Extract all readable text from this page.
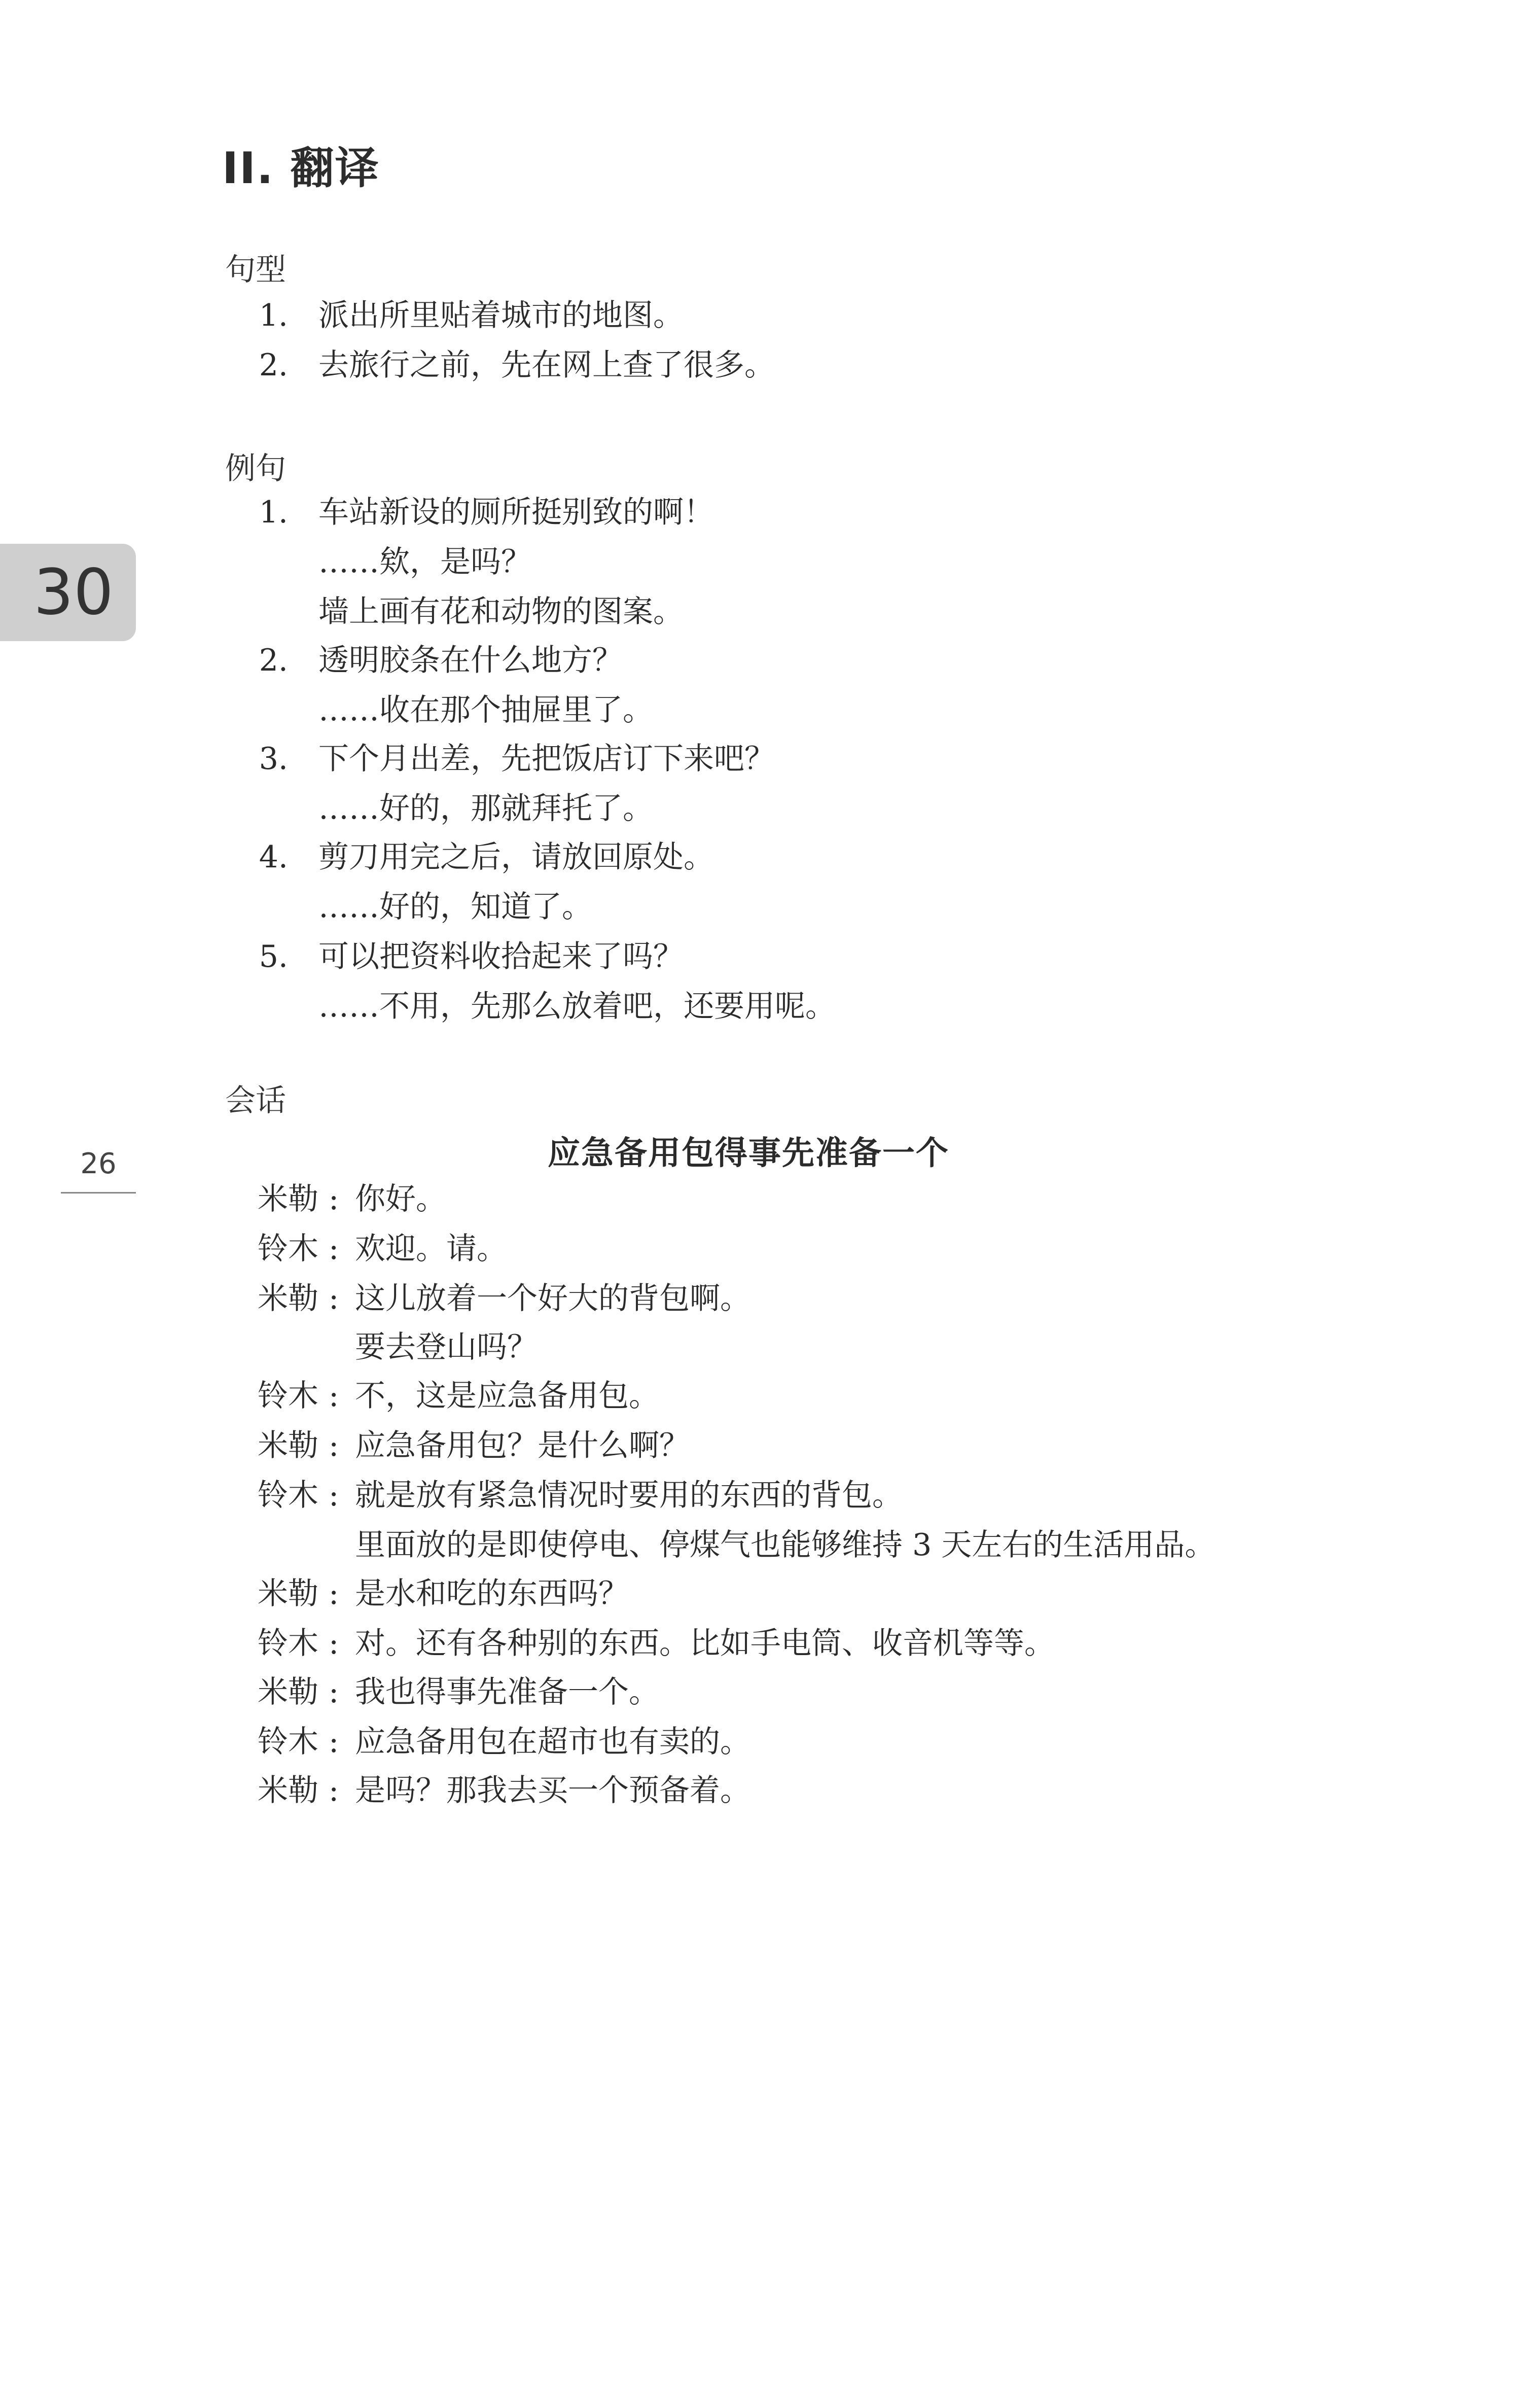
II. 翻译
30
26
句型
1. 派出所里贴着城市的地图。
2. 去旅行之前，先在网上查了很多。
例句
1. 车站新设的厕所挺别致的啊！
……欸，是吗？
墙上画有花和动物的图案。
2. 透明胶条在什么地方？
……收在那个抽屉里了。
3. 下个月出差，先把饭店订下来吧？
……好的，那就拜托了。
4. 剪刀用完之后，请放回原处。
……好的，知道了。
5. 可以把资料收拾起来了吗？
……不用，先那么放着吧，还要用呢。
会话
应急备用包得事先准备一个
米勒 : 你好。
铃木 : 欢迎。请。
米勒 : 这儿放着一个好大的背包啊。
要去登山吗？
铃木 : 不，这是应急备用包。
米勒 : 应急备用包？是什么啊？
铃木 : 就是放有紧急情况时要用的东西的背包。
里面放的是即使停电、停煤气也能够维持 3 天左右的生活用品。
米勒 : 是水和吃的东西吗？
铃木 : 对。还有各种别的东西。比如手电筒、收音机等等。
米勒 : 我也得事先准备一个。
铃木 : 应急备用包在超市也有卖的。
米勒 : 是吗？那我去买一个预备着。
